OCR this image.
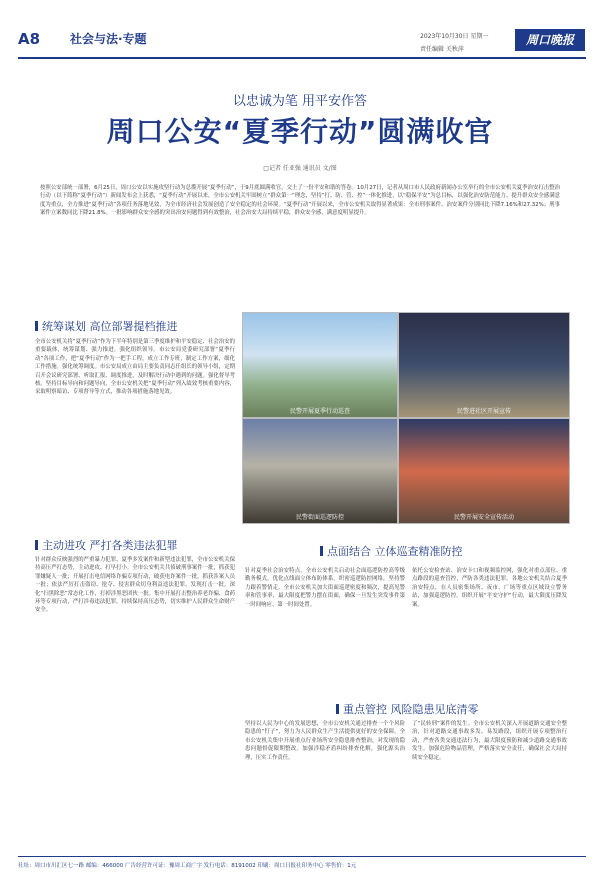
A8 社会与法·专题	2023年10月30日 星期一
责任编辑 关秋萍
周口晚报
以忠诚为笔 用平安作答
周口公安“夏季行动”圆满收官
□记者 任亚强 通讯员 文/图
按照公安部统一部署，6月25日，周口公安以实施攻坚行动为总揽开展“夏季行动”，于9月底圆满收官，交上了一份平安和谐的答卷。10月27日，记者从周口市人民政府新闻办公室举行的全市公安机关夏季治安打击整治行动（以下简称“夏季行动”）新闻发布会上获悉，“夏季行动”开展以来，全市公安机关牢固树立“群众第一”理念，坚持“打、防、管、控”一体化推进，以“稳保平安”为总目标，以强化治安防范能力、提升群众安全感满意度为重点，全力推进“夏季行动”各项任务落地见效，为全市经济社会发展创造了安全稳定的社会环境。“夏季行动”开展以来，全市公安机关取得显著成果：全市刑事案件、治安案件分别同比下降7.16%和27.32%；刑事案件立案数同比下降21.8%。一批影响群众安全感的突出治安问题得到有效整治，社会治安大局持续平稳，群众安全感、满意度明显提升。
统筹谋划 高位部署提档推进
全市公安机关将“夏季行动”作为下半年特别是第三季度维护和平安稳定、社会治安的重要载体，统筹谋划、强力推进。强化组织领导。市公安局党委研究部署“夏季行动”各项工作，把“夏季行动”作为一把手工程，成立工作专班，制定工作方案，细化工作措施。强化统筹调度。市公安局成立由局主要负责同志任组长的领导小组，定期召开会议研究部署、听取汇报、调度推进，及时解决行动中遇到的问题。强化督导考核。坚持目标导向和问题导向，全市公安机关把“夏季行动”列入绩效考核重要内容，采取明察暗访、专项督导等方式，推动各项措施落地见效。
主动进攻 严打各类违法犯罪
针对群众反映强烈的严重暴力犯罪、夏季多发案件和新型违法犯罪，全市公安机关保持高压严打态势，主动进攻、打早打小。全市公安机关共侦破刑事案件一批，抓获犯罪嫌疑人一批；开展打击电信网络诈骗专项行动，破获电诈案件一批，抓获涉案人员一批；依法严厉打击盗窃、抢夺、侵害群众切身利益违法犯罪，发现打击一批。深化“扫黑除恶”常态化工作，打掉涉黑恶团伙一批。集中开展打击整治养老诈骗、食药环等专项行动，严打涉毒违法犯罪，持续保持高压态势，切实维护人民群众生命财产安全。
民警开展夏季行动巡查	民警进社区开展宣传
民警街面巡逻防控	民警开展安全宣传活动
点面结合 立体巡查精准防控
针对夏季社会治安特点，全市公安机关启动社会面巡逻防控高等级勤务模式，优化点线面立体布防体系。织密巡逻防控网络，坚持警力跟着警情走，全市公安机关加大街面巡逻密度和频次，提高见警率和管事率，最大限度把警力摆在街面，确保一旦发生突发事件第一时间响应、第一时间处置。
依托公安检查站、治安卡口和视频监控网，强化对重点部位、重点路段的巡查管控，严防各类违法犯罪。各地公安机关结合夏季治安特点，在人员密集场所、夜市、广场等重点区域设立警务站，加强巡逻防控。组织开展“平安守护”行动，最大限度压降发案。
重点管控 风险隐患见底清零
坚持以人民为中心的发展思想，全市公安机关通过排查一个个风险隐患的“钉子”，努力为人民群众生产生活提供更好的安全保障。全市公安机关集中开展重点行业场所安全隐患排查整治，对发现的隐患问题督促限期整改。加强涉稳矛盾纠纷排查化解，强化源头治理，压实工作责任。
了“民转刑”案件的发生。全市公安机关深入开展道路交通安全整治，针对道路交通事故多发、易发路段，组织开展专项整治行动，严查各类交通违法行为，最大限度预防和减少道路交通事故发生。加强危险物品管理，严格落实安全责任，确保社会大局持续安全稳定。
社址：周口市川汇区七一路 邮编：466000 广告经营许可证：豫周工商广字 发行电话：8191002 印刷：周口日报社印务中心 零售价：1元
